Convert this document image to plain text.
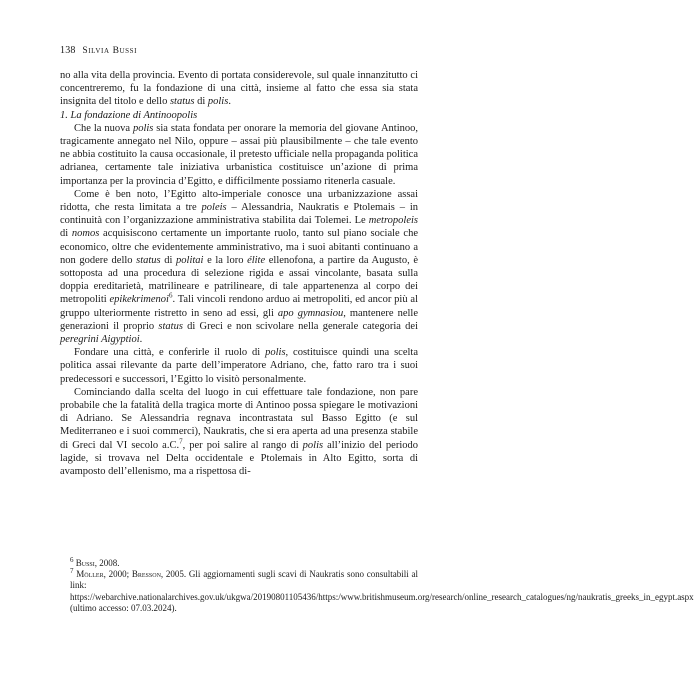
138 Silvia Bussi

no alla vita della provincia. Evento di portata considerevole, sul quale innanzitutto ci concentreremo, fu la fondazione di una città, insieme al fatto che essa sia stata insignita del titolo e dello status di polis.

1. La fondazione di Antinoopolis

Che la nuova polis sia stata fondata per onorare la memoria del giovane Antinoo, tragicamente annegato nel Nilo, oppure – assai più plausibilmente – che tale evento ne abbia costituito la causa occasionale, il pretesto ufficiale nella propaganda politica adrianea, certamente tale iniziativa urbanistica costituisce un’azione di prima importanza per la provincia d’Egitto, e difficilmente possiamo ritenerla casuale.

Come è ben noto, l’Egitto alto-imperiale conosce una urbanizzazione assai ridotta, che resta limitata a tre poleis – Alessandria, Naukratis e Ptolemais – in continuità con l’organizzazione amministrativa stabilita dai Tolemei. Le metropoleis di nomos acquisiscono certamente un importante ruolo, tanto sul piano sociale che economico, oltre che evidentemente amministrativo, ma i suoi abitanti continuano a non godere dello status di politai e la loro élite ellenofona, a partire da Augusto, è sottoposta ad una procedura di selezione rigida e assai vincolante, basata sulla doppia ereditarietà, matrilineare e patrilineare, di tale appartenenza al corpo dei metropoliti epikekrimenoi$^6$. Tali vincoli rendono arduo ai metropoliti, ed ancor più al gruppo ulteriormente ristretto in seno ad essi, gli apo gymnasiou, mantenere nelle generazioni il proprio status di Greci e non scivolare nella generale categoria dei peregrini Aigyptioi.

Fondare una città, e conferirle il ruolo di polis, costituisce quindi una scelta politica assai rilevante da parte dell’imperatore Adriano, che, fatto raro tra i suoi predecessori e successori, l’Egitto lo visitò personalmente.

Cominciando dalla scelta del luogo in cui effettuare tale fondazione, non pare probabile che la fatalità della tragica morte di Antinoo possa spiegare le motivazioni di Adriano. Se Alessandria regnava incontrastata sul Basso Egitto (e sul Mediterraneo e i suoi commerci), Naukratis, che si era aperta ad una presenza stabile di Greci dal VI secolo a.C.$^7$, per poi salire al rango di polis all’inizio del periodo lagide, si trovava nel Delta occidentale e Ptolemais in Alto Egitto, sorta di avamposto dell’ellenismo, ma a rispettosa di-

$^6$ Bussi, 2008.

$^7$ Möller, 2000; Bresson, 2005. Gli aggiornamenti sugli scavi di Naukratis sono consultabili al link: https://webarchive.nationalarchives.gov.uk/ukgwa/20190801105436/https:/www.britishmuseum.org/research/online_research_catalogues/ng/naukratis_greeks_in_egypt.aspx (ultimo accesso: 07.03.2024).
